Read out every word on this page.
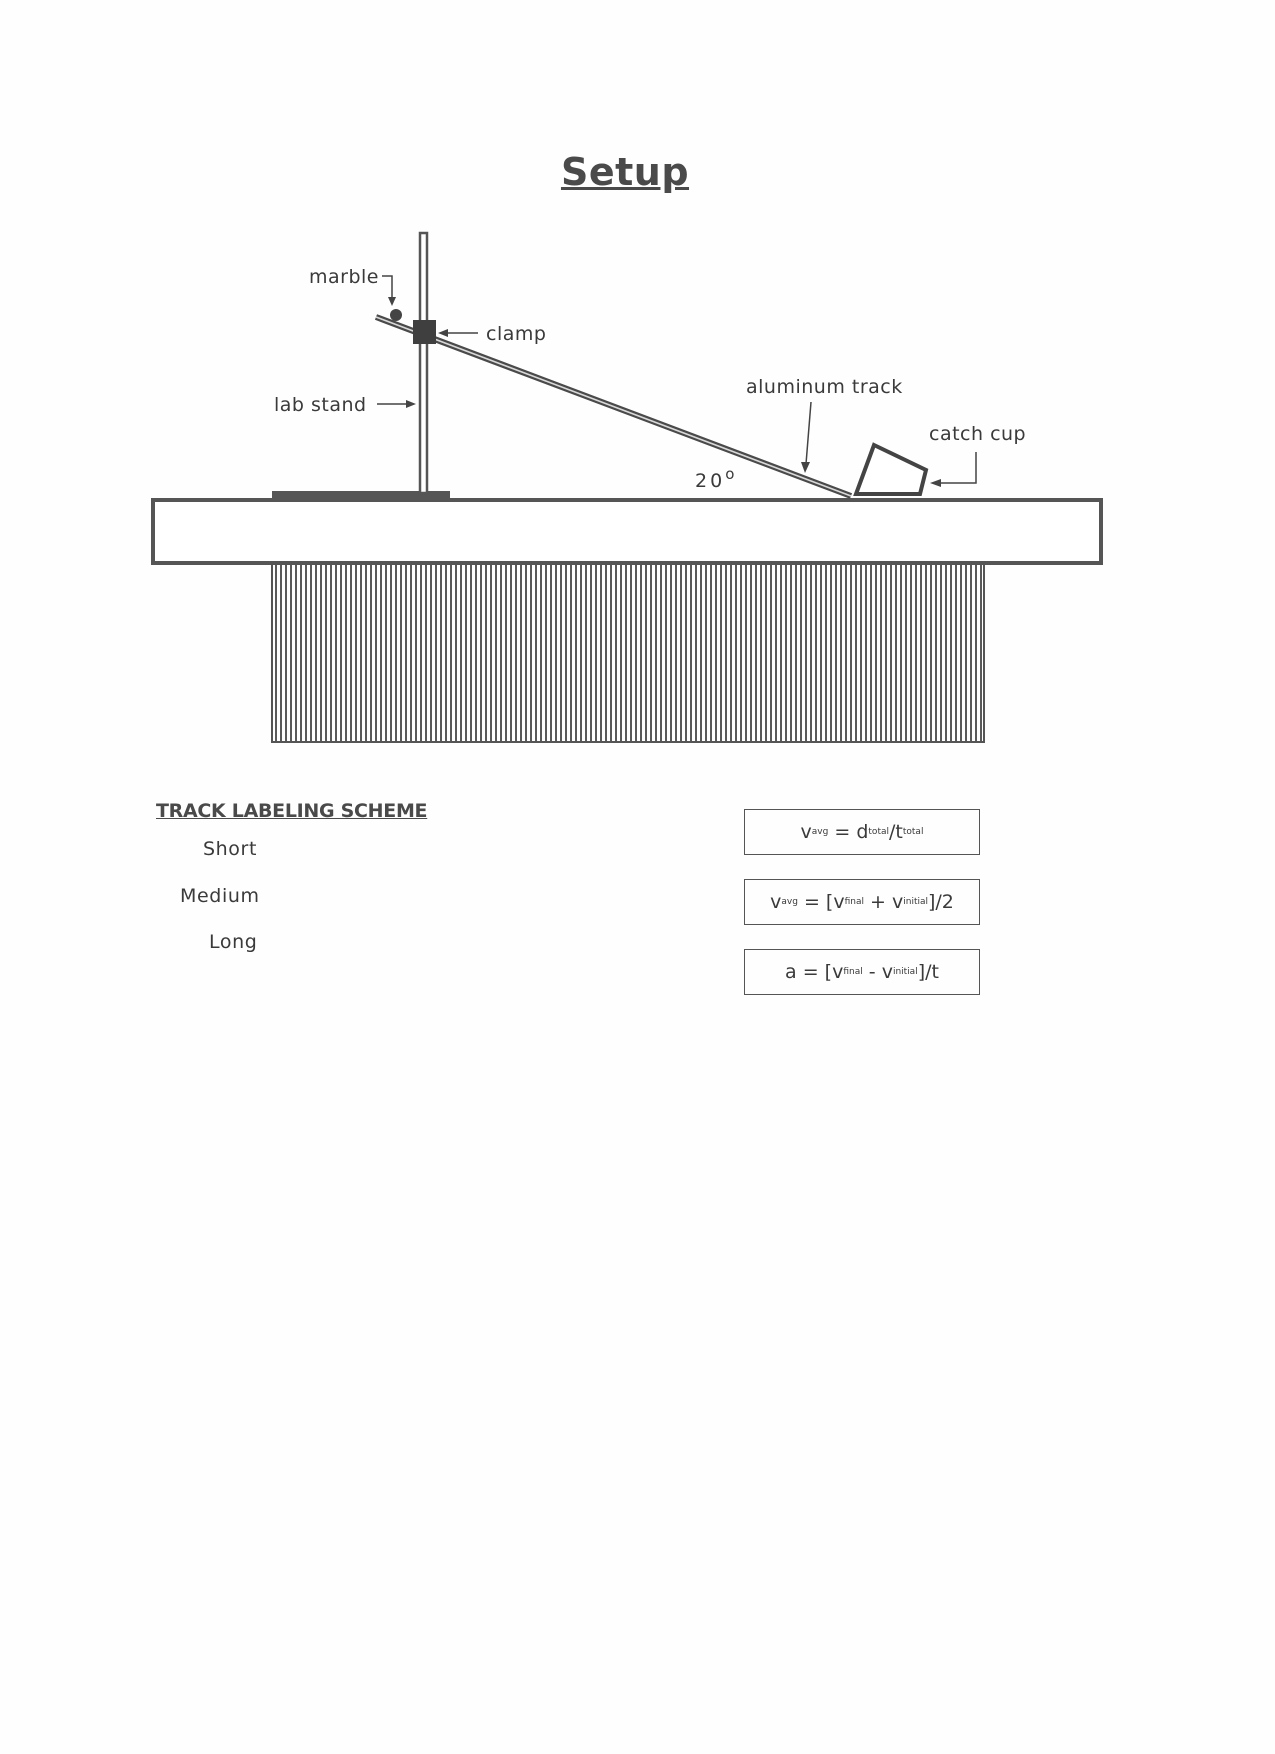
Setup
marble
clamp
lab stand
aluminum track
catch cup
20$^o$
TRACK LABELING SCHEME
Short
Medium
Long
v avg = d total / t total
v avg = [ v final + v initial ]/2
a = [ v final - v initial ]/t
